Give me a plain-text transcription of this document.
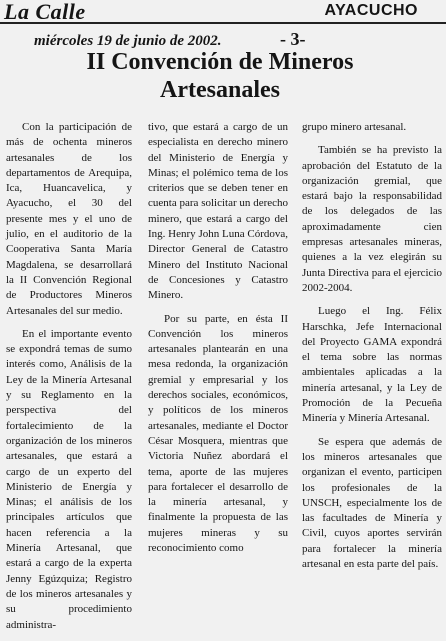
La Calle	AYACUCHO
miércoles 19 de junio de 2002.	- 3-
II Convención de Mineros Artesanales

Con la participación de más de ochenta mineros artesanales de los departamentos de Arequipa, Ica, Huancavelica, y Ayacucho, el 30 del presente mes y el uno de julio, en el auditorio de la Cooperativa Santa María Magdalena, se desarrollará la II Convención Regional de Productores Mineros Artesanales del sur medio.

En el importante evento se expondrá temas de sumo interés como, Análisis de la Ley de la Minería Artesanal y su Reglamento en la perspectiva del fortalecimiento de la organización de los mineros artesanales, que estará a cargo de un experto del Ministerio de Energía y Minas; el análisis de los principales artículos que hacen referencia a la Minería Artesanal, que estará a cargo de la experta Jenny Egúzquiza; Registro de los mineros artesanales y su procedimiento administra-

tivo, que estará a cargo de un especialista en derecho minero del Ministerio de Energía y Minas; el polémico tema de los criterios que se deben tener en cuenta para solicitar un derecho minero, que estará a cargo del Ing. Henry John Luna Córdova, Director General de Catastro Minero del Instituto Nacional de Concesiones y Catastro Minero.

Por su parte, en ésta II Convención los mineros artesanales plantearán en una mesa redonda, la organización gremial y empresarial y los derechos sociales, económicos, y políticos de los mineros artesanales, mediante el Doctor César Mosquera, mientras que Victoria Nuñez abordará el tema, aporte de las mujeres para fortalecer el desarrollo de la minería artesanal, y finalmente la propuesta de las mujeres mineras y su reconocimiento como

grupo minero artesanal.

También se ha previsto la aprobación del Estatuto de la organización gremial, que estará bajo la responsabilidad de los delegados de las aproximadamente cien empresas artesanales mineras, quienes a la vez elegirán su Junta Directiva para el ejercicio 2002-2004.

Luego el Ing. Félix Harschka, Jefe Internacional del Proyecto GAMA expondrá el tema sobre las normas ambientales aplicadas a la minería artesanal, y la Ley de Promoción de la Pecueña Minería y Minería Artesanal.

Se espera que además de los mineros artesanales que organizan el evento, participen los profesionales de la UNSCH, especialmente los de las facultades de Minería y Civil, cuyos aportes servirán para fortalecer la minería artesanal en esta parte del país.
